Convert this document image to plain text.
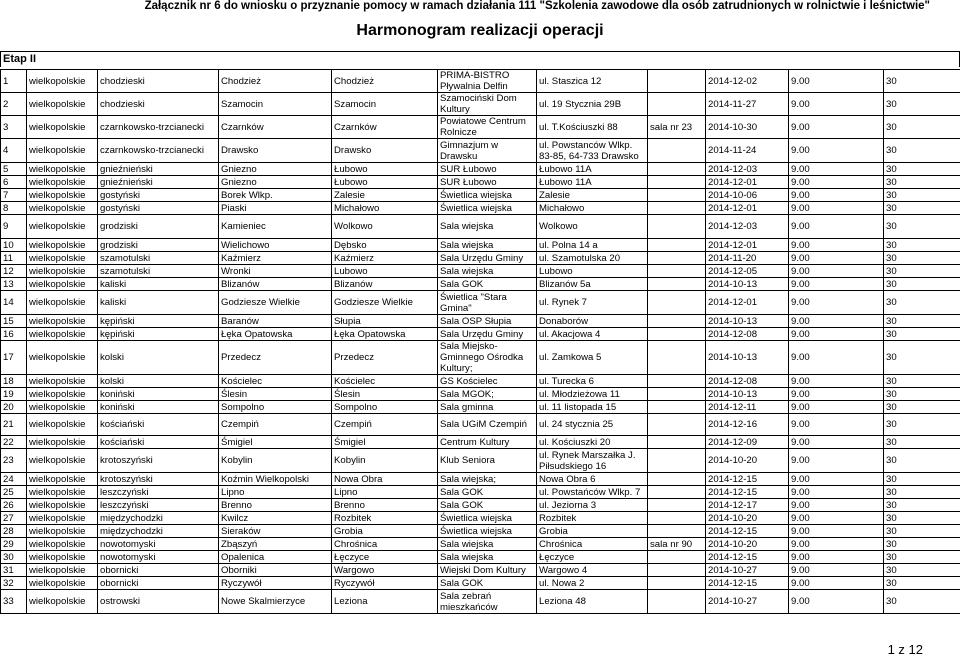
Załącznik nr 6 do wniosku o przyznanie pomocy w ramach działania 111 "Szkolenia zawodowe dla osób zatrudnionych w rolnictwie i leśnictwie"
Harmonogram realizacji operacji
Etap II
1	wielkopolskie	chodzieski	Chodzież	Chodzież	PRIMA-BISTRO Pływalnia Delfin	ul. Staszica 12		2014-12-02	9.00	30
2	wielkopolskie	chodzieski	Szamocin	Szamocin	Szamociński Dom Kultury	ul. 19 Stycznia 29B		2014-11-27	9.00	30
3	wielkopolskie	czarnkowsko-trzcianecki	Czarnków	Czarnków	Powiatowe Centrum Rolnicze	ul. T.Kościuszki 88	sala nr 23	2014-10-30	9.00	30
4	wielkopolskie	czarnkowsko-trzcianecki	Drawsko	Drawsko	Gimnazjum w Drawsku	ul. Powstanców Wlkp. 83-85, 64-733 Drawsko		2014-11-24	9.00	30
5	wielkopolskie	gnieźnieński	Gniezno	Łubowo	SUR Łubowo	Łubowo 11A		2014-12-03	9.00	30
6	wielkopolskie	gnieźnieński	Gniezno	Łubowo	SUR Łubowo	Łubowo 11A		2014-12-01	9.00	30
7	wielkopolskie	gostyński	Borek Wlkp.	Zalesie	Świetlica wiejska	Zalesie		2014-10-06	9.00	30
8	wielkopolskie	gostyński	Piaski	Michałowo	Świetlica wiejska	Michałowo		2014-12-01	9.00	30
9	wielkopolskie	grodziski	Kamieniec	Wolkowo	Sala wiejska	Wolkowo		2014-12-03	9.00	30
10	wielkopolskie	grodziski	Wielichowo	Dębsko	Sala wiejska	ul. Polna 14 a		2014-12-01	9.00	30
11	wielkopolskie	szamotulski	Kaźmierz	Kaźmierz	Sala Urzędu Gminy	ul. Szamotulska 20		2014-11-20	9.00	30
12	wielkopolskie	szamotulski	Wronki	Lubowo	Sala wiejska	Lubowo		2014-12-05	9.00	30
13	wielkopolskie	kaliski	Blizanów	Blizanów	Sala GOK	Blizanów 5a		2014-10-13	9.00	30
14	wielkopolskie	kaliski	Godziesze Wielkie	Godziesze Wielkie	Świetlica "Stara Gmina"	ul. Rynek 7		2014-12-01	9.00	30
15	wielkopolskie	kępiński	Baranów	Słupia	Sala OSP Słupia	Donaborów		2014-10-13	9.00	30
16	wielkopolskie	kępiński	Łęka Opatowska	Łęka Opatowska	Sala Urzędu Gminy	ul. Akacjowa 4		2014-12-08	9.00	30
17	wielkopolskie	kolski	Przedecz	Przedecz	Sala Miejsko-Gminnego Ośrodka Kultury;	ul. Zamkowa 5		2014-10-13	9.00	30
18	wielkopolskie	kolski	Kościelec	Kościelec	GS Kościelec	ul. Turecka 6		2014-12-08	9.00	30
19	wielkopolskie	koniński	Ślesin	Ślesin	Sala MGOK;	ul. Młodzieżowa 11		2014-10-13	9.00	30
20	wielkopolskie	koniński	Sompolno	Sompolno	Sala gminna	ul. 11 listopada 15		2014-12-11	9.00	30
21	wielkopolskie	kościański	Czempiń	Czempiń	Sala UGiM Czempiń	ul. 24 stycznia 25		2014-12-16	9.00	30
22	wielkopolskie	kościański	Śmigiel	Śmigiel	Centrum Kultury	ul. Kościuszki 20		2014-12-09	9.00	30
23	wielkopolskie	krotoszyński	Kobylin	Kobylin	Klub Seniora	ul. Rynek Marszałka J. Piłsudskiego 16		2014-10-20	9.00	30
24	wielkopolskie	krotoszyński	Koźmin Wielkopolski	Nowa Obra	Sala wiejska;	Nowa Obra 6		2014-12-15	9.00	30
25	wielkopolskie	leszczyński	Lipno	Lipno	Sala GOK	ul. Powstańców Wlkp. 7		2014-12-15	9.00	30
26	wielkopolskie	leszczyński	Brenno	Brenno	Sala GOK	ul. Jeziorna 3		2014-12-17	9.00	30
27	wielkopolskie	międzychodzki	Kwilcz	Rozbitek	Świetlica wiejska	Rozbitek		2014-10-20	9.00	30
28	wielkopolskie	międzychodzki	Sieraków	Grobia	Świetlica wiejska	Grobia		2014-12-15	9.00	30
29	wielkopolskie	nowotomyski	Zbąszyń	Chrośnica	Sala wiejska	Chrośnica	sala nr 90	2014-10-20	9.00	30
30	wielkopolskie	nowotomyski	Opalenica	Łęczyce	Sala wiejska	Łęczyce		2014-12-15	9.00	30
31	wielkopolskie	obornicki	Oborniki	Wargowo	Wiejski Dom Kultury	Wargowo 4		2014-10-27	9.00	30
32	wielkopolskie	obornicki	Ryczywół	Ryczywół	Sala GOK	ul. Nowa 2		2014-12-15	9.00	30
33	wielkopolskie	ostrowski	Nowe Skalmierzyce	Leziona	Sala zebrań mieszkańców	Leziona 48		2014-10-27	9.00	30
1 z 12
